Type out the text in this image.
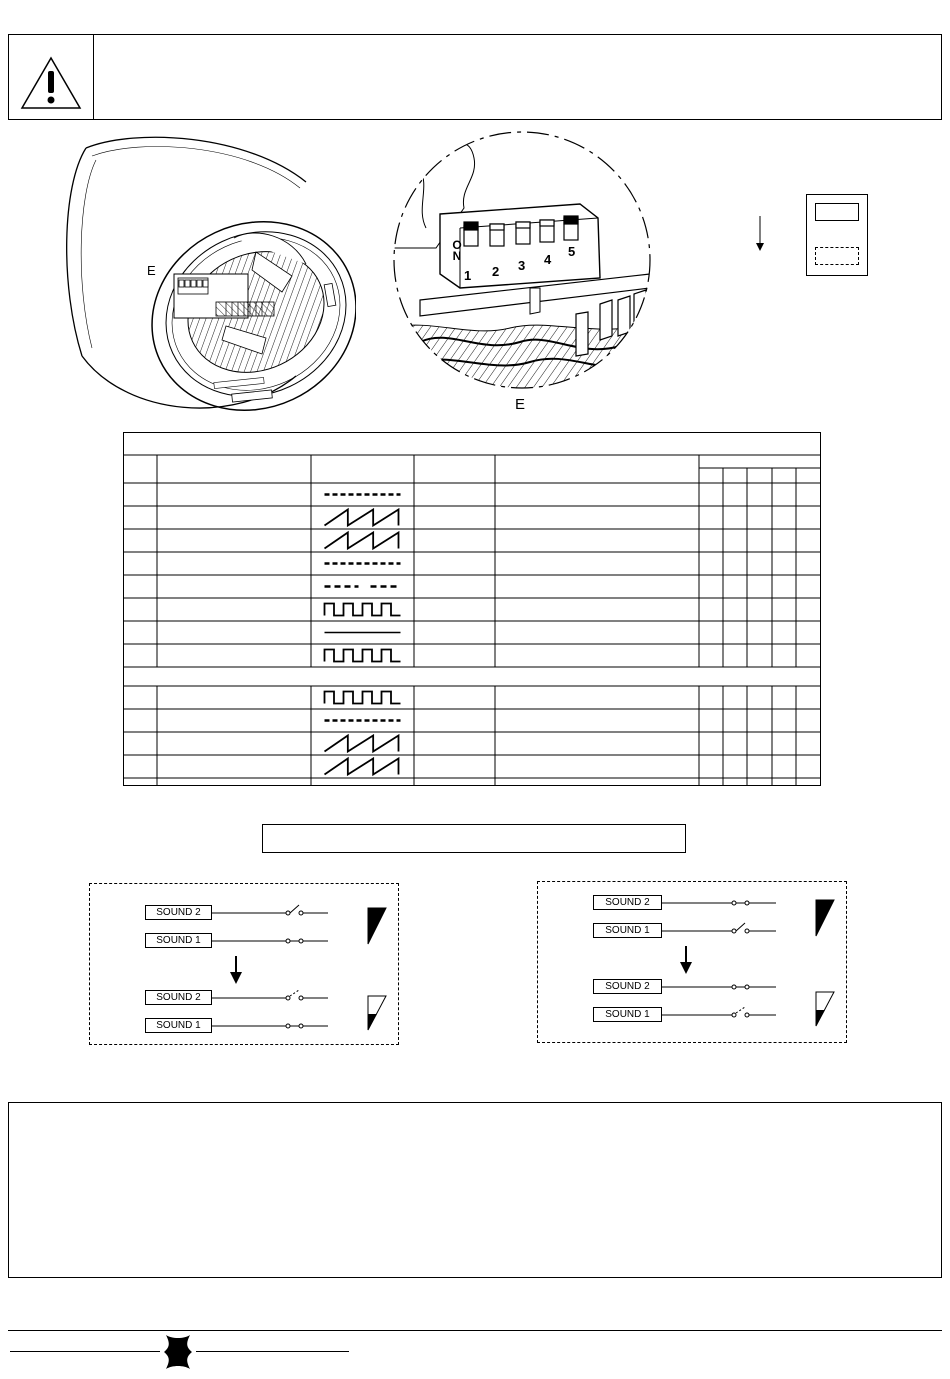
E
ON
1 2 3 4
5
E
SOUND 2
SOUND 1
SOUND 2
SOUND 1
SOUND 2
SOUND 1
SOUND 2
SOUND 1
